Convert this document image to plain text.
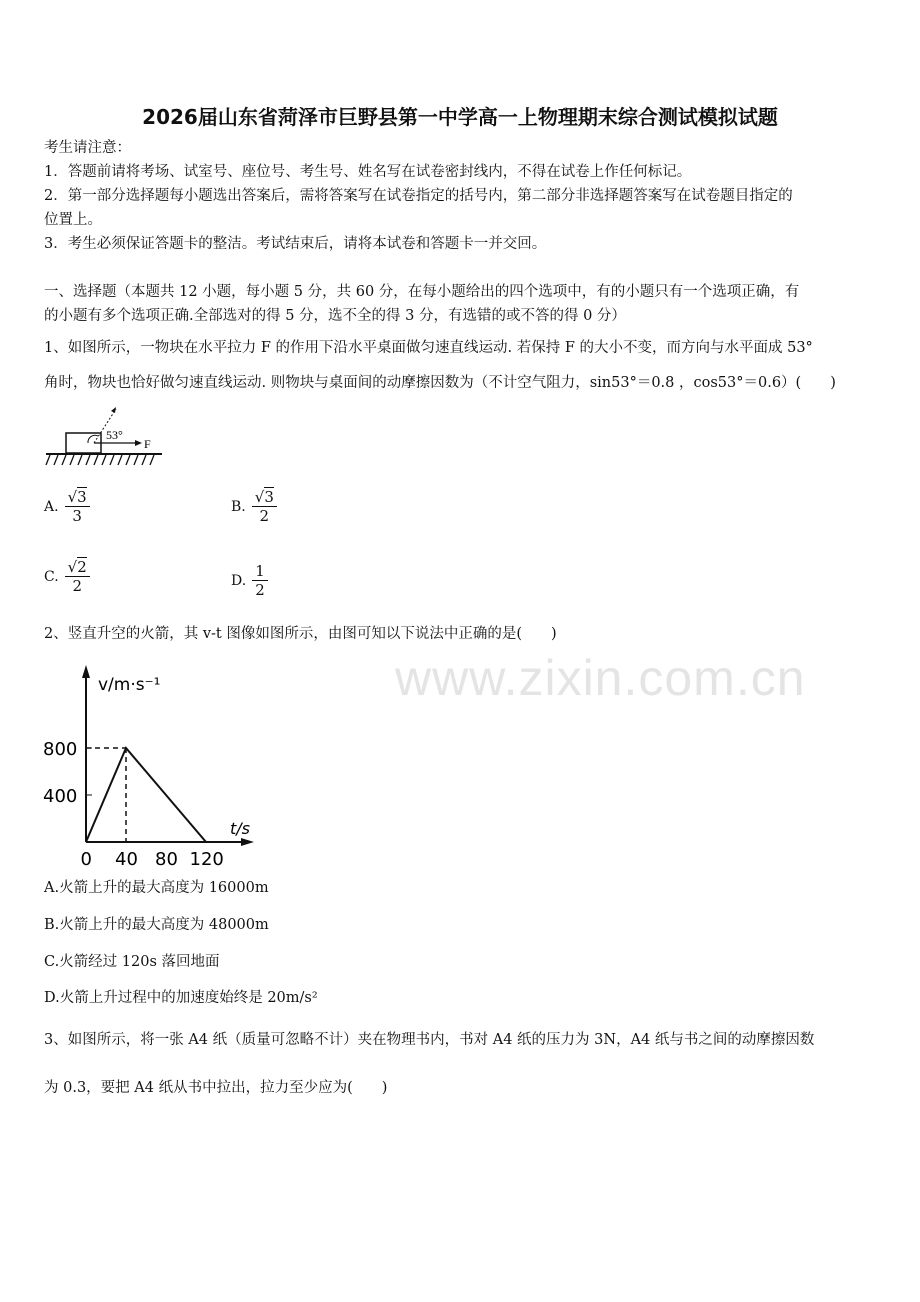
www.zixin.com.cn
2026届山东省菏泽市巨野县第一中学高一上物理期末综合测试模拟试题
考生请注意：
1．答题前请将考场、试室号、座位号、考生号、姓名写在试卷密封线内，不得在试卷上作任何标记。
2．第一部分选择题每小题选出答案后，需将答案写在试卷指定的括号内，第二部分非选择题答案写在试卷题目指定的
位置上。
3．考生必须保证答题卡的整洁。考试结束后，请将本试卷和答题卡一并交回。
一、选择题（本题共 12 小题，每小题 5 分，共 60 分，在每小题给出的四个选项中，有的小题只有一个选项正确，有
的小题有多个选项正确.全部选对的得 5 分，选不全的得 3 分，有选错的或不答的得 0 分）
1、如图所示，一物块在水平拉力 F 的作用下沿水平桌面做匀速直线运动. 若保持 F 的大小不变，而方向与水平面成 53°
角时，物块也恰好做匀速直线运动. 则物块与桌面间的动摩擦因数为（不计空气阻力，sin53°＝0.8 ，cos53°＝0.6）(　　)
53°
F
A. $\frac{√3}{3}$	B. $\frac{√3}{2}$
C. $\frac{√2}{2}$	D. $\frac{1}{2}$
2、竖直升空的火箭，其 v-t 图像如图所示，由图可知以下说法中正确的是(　　)
v/m·s⁻¹
t/s
800
400
0 40 80 120
A.火箭上升的最大高度为 16000m
B.火箭上升的最大高度为 48000m
C.火箭经过 120s 落回地面
D.火箭上升过程中的加速度始终是 20m/s²
3、如图所示，将一张 A4 纸（质量可忽略不计）夹在物理书内，书对 A4 纸的压力为 3N，A4 纸与书之间的动摩擦因数
为 0.3，要把 A4 纸从书中拉出，拉力至少应为(　　)
